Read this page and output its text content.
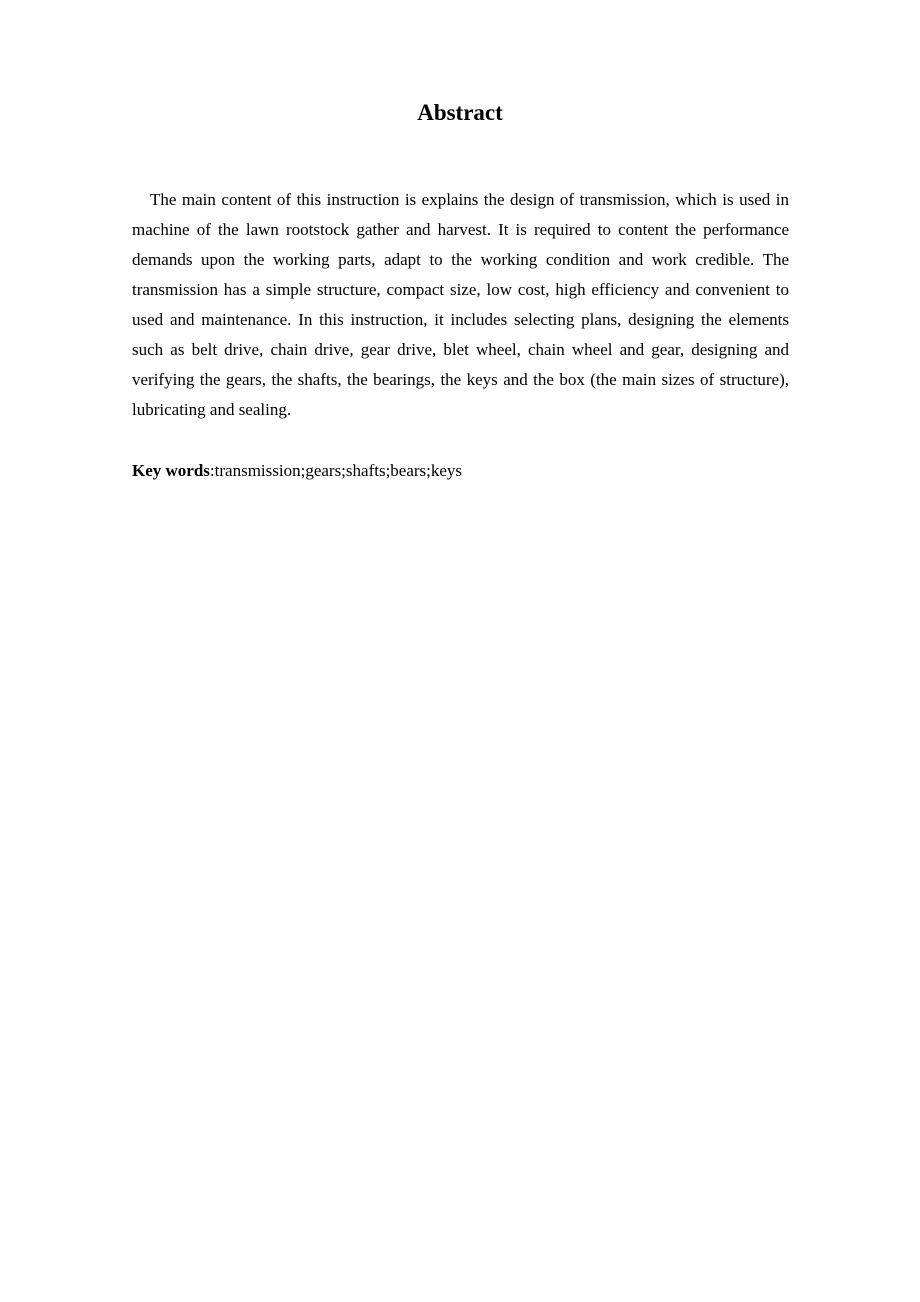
Abstract

The main content of this instruction is explains the design of transmission, which is used in machine of the lawn rootstock gather and harvest. It is required to content the performance demands upon the working parts, adapt to the working condition and work credible. The transmission has a simple structure, compact size, low cost, high efficiency and convenient to used and maintenance. In this instruction, it includes selecting plans, designing the elements such as belt drive, chain drive, gear drive, blet wheel, chain wheel and gear, designing and verifying the gears, the shafts, the bearings, the keys and the box (the main sizes of structure), lubricating and sealing.

Key words:transmission;gears;shafts;bears;keys
